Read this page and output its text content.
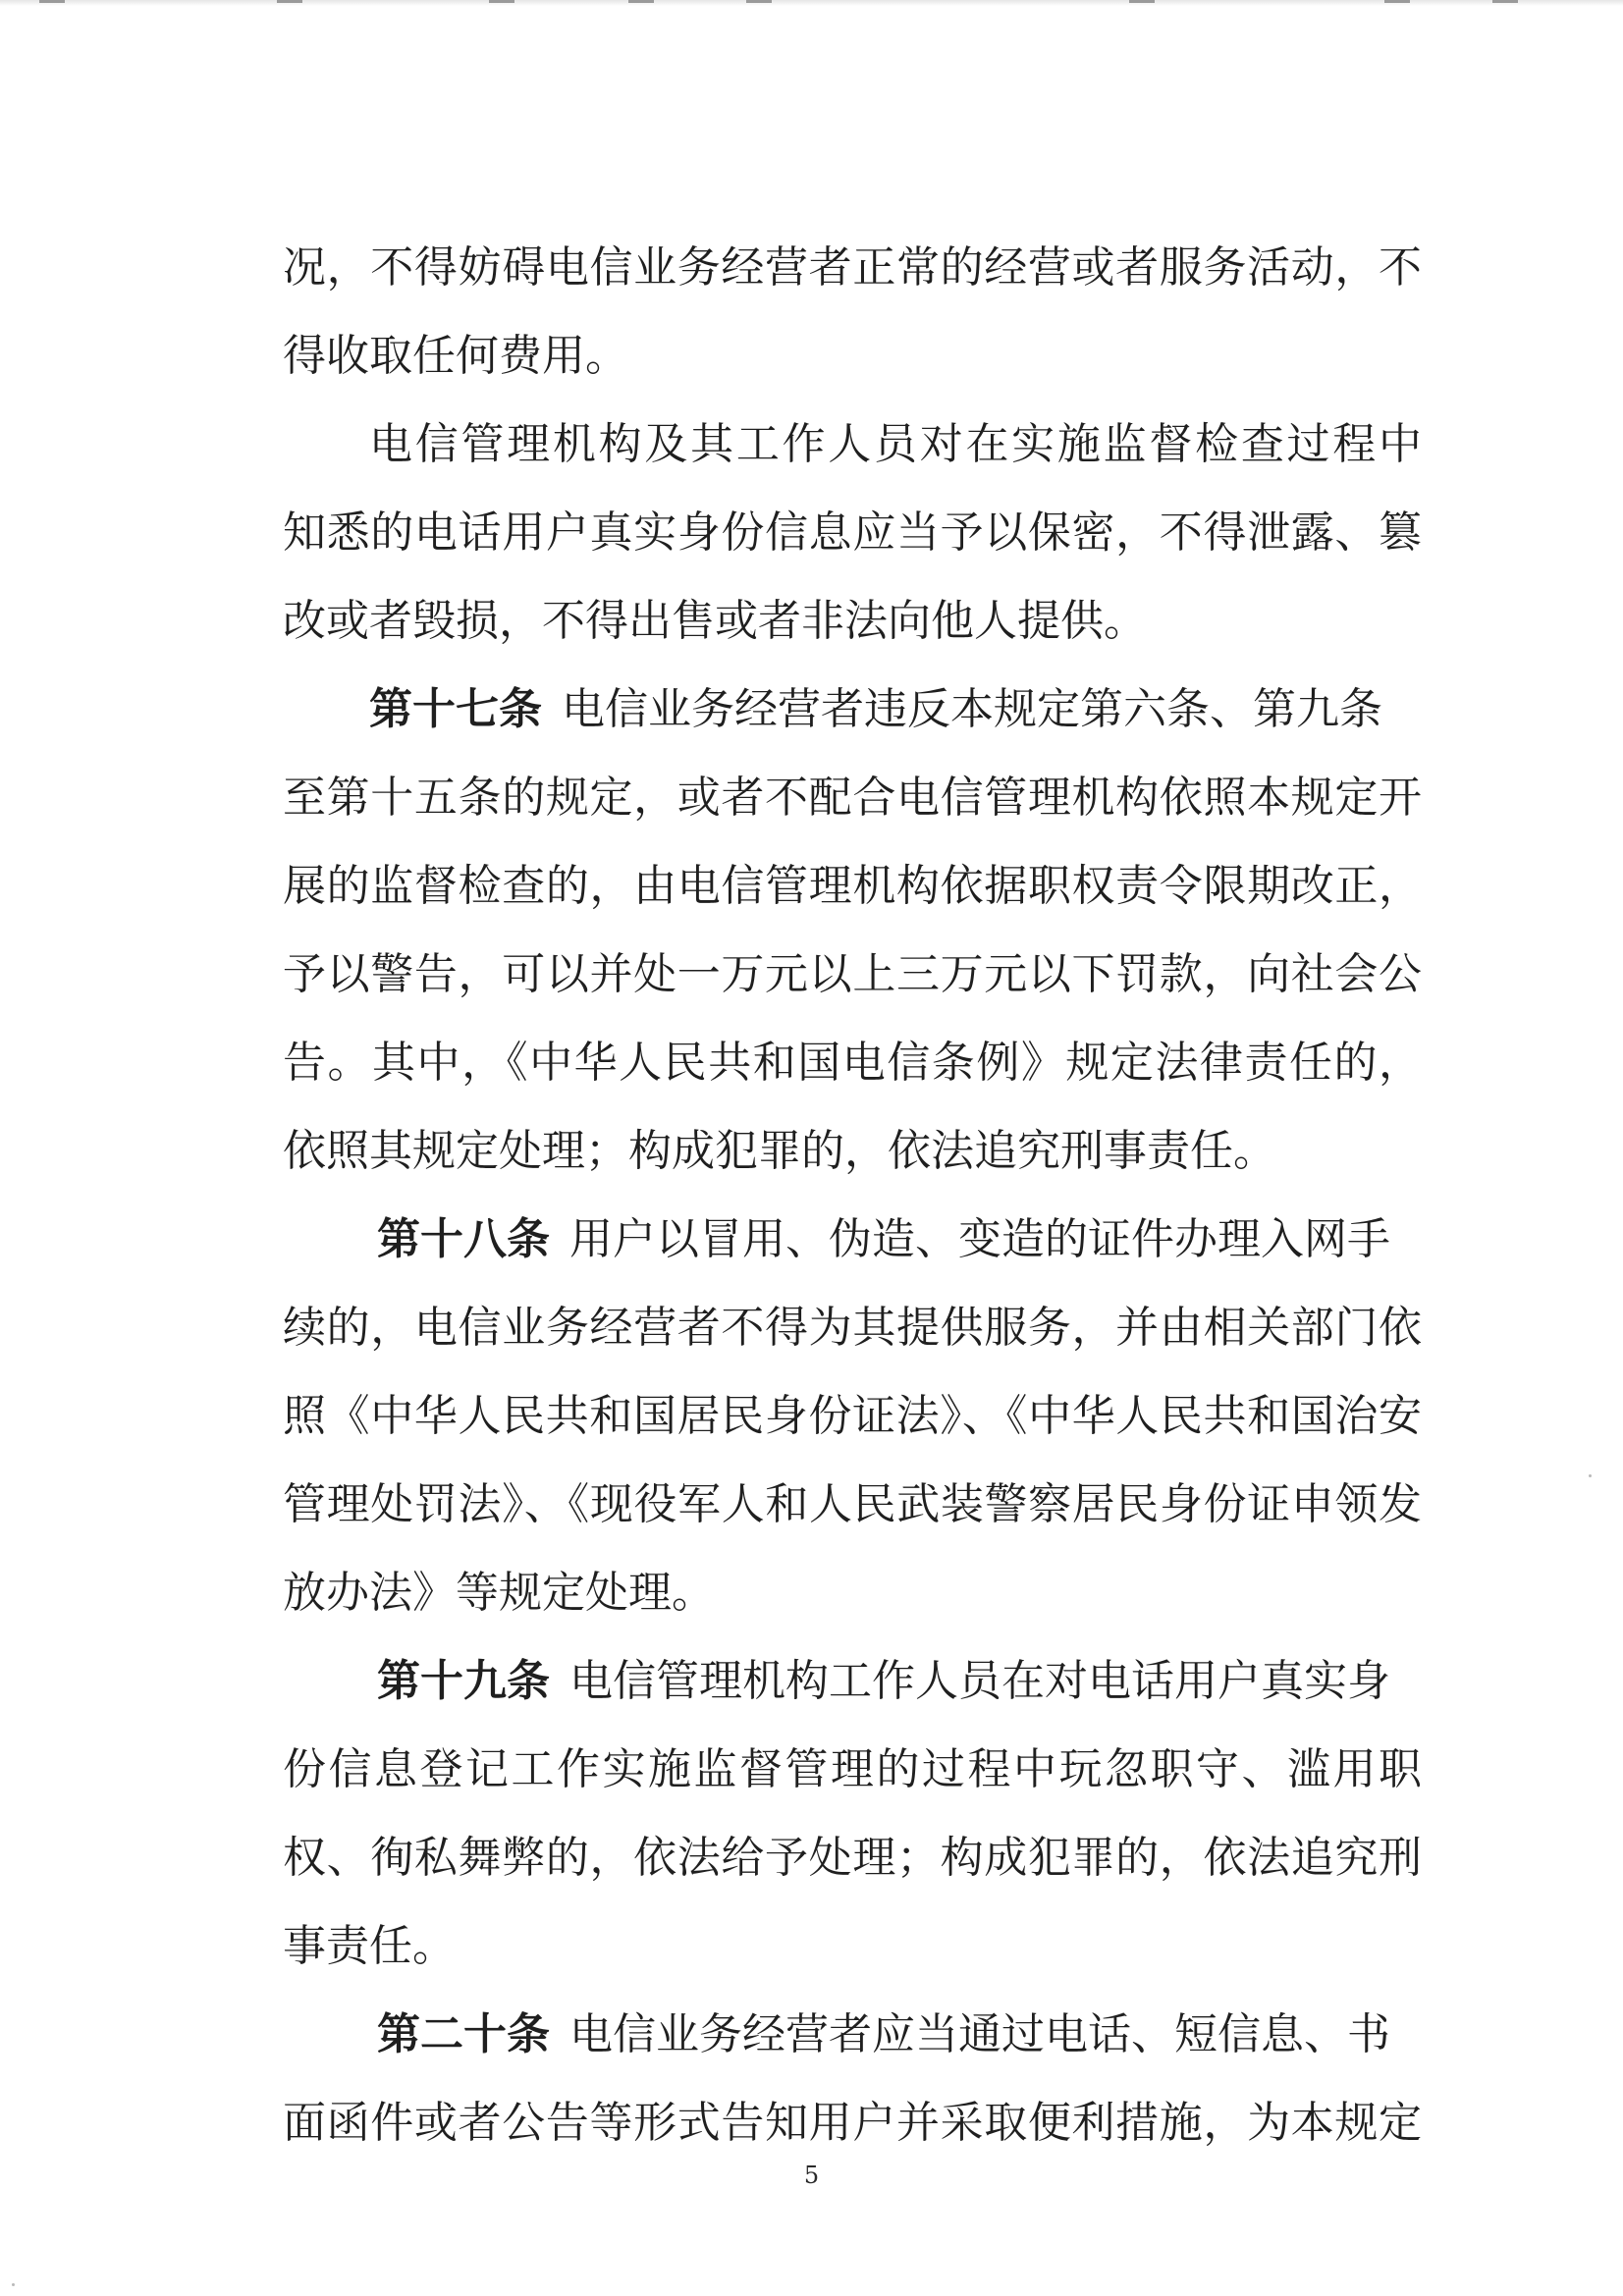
况，不得妨碍电信业务经营者正常的经营或者服务活动，不
得收取任何费用。
电信管理机构及其工作人员对在实施监督检查过程中
知悉的电话用户真实身份信息应当予以保密，不得泄露、篡
改或者毁损，不得出售或者非法向他人提供。
第十七条 电信业务经营者违反本规定第六条、第九条
至第十五条的规定，或者不配合电信管理机构依照本规定开
展的监督检查的，由电信管理机构依据职权责令限期改正，
予以警告，可以并处一万元以上三万元以下罚款，向社会公
告。其中，《中华人民共和国电信条例》规定法律责任的，
依照其规定处理；构成犯罪的，依法追究刑事责任。
第十八条 用户以冒用、伪造、变造的证件办理入网手
续的，电信业务经营者不得为其提供服务，并由相关部门依
照《中华人民共和国居民身份证法》、《中华人民共和国治安
管理处罚法》、《现役军人和人民武装警察居民身份证申领发
放办法》等规定处理。
第十九条 电信管理机构工作人员在对电话用户真实身
份信息登记工作实施监督管理的过程中玩忽职守、滥用职
权、徇私舞弊的，依法给予处理；构成犯罪的，依法追究刑
事责任。
第二十条 电信业务经营者应当通过电话、短信息、书
面函件或者公告等形式告知用户并采取便利措施，为本规定
5
